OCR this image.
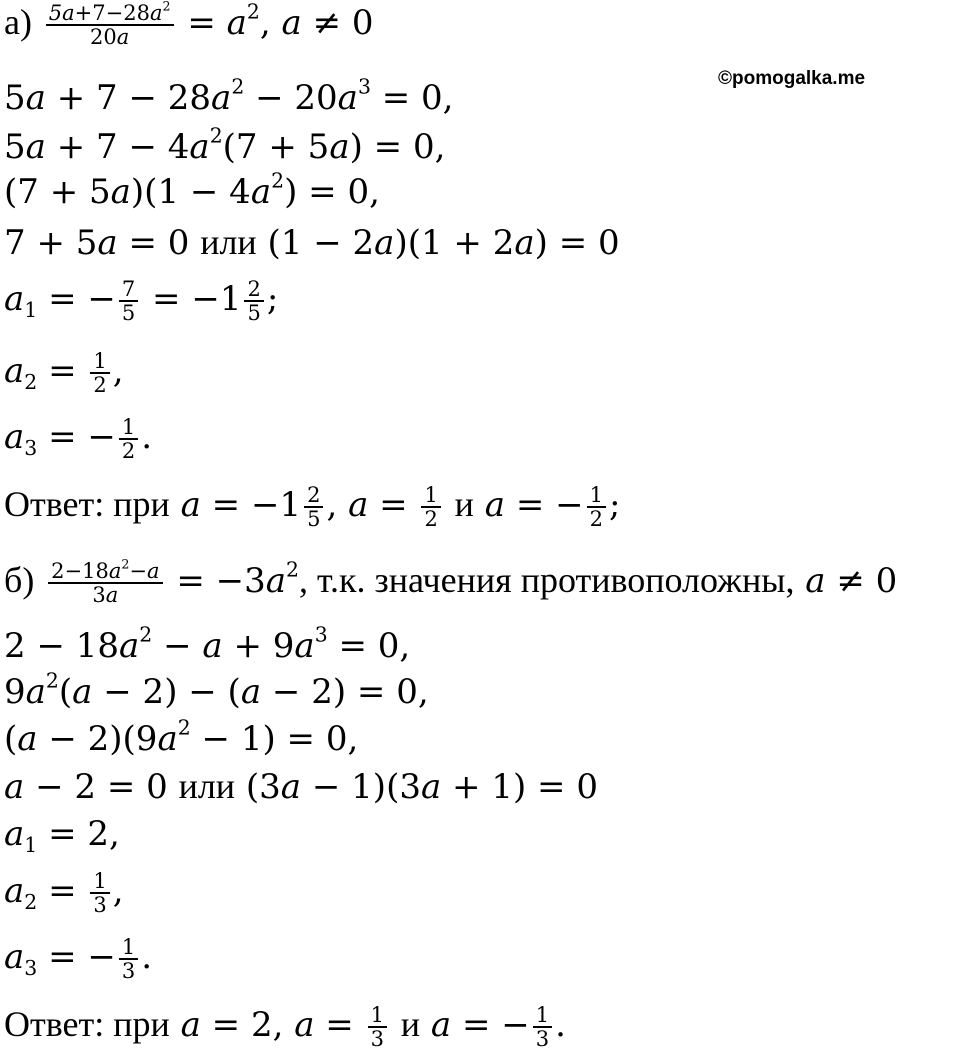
©pomogalka.me
$а) \frac{5a+7-28a^2}{20a} = a^2$, a ≠ 0
$5a + 7 - 28a^2 - 20a^3 = 0$,
$5a + 7 - 4a^2(7 + 5a) = 0$,
$(7 + 5a)(1 - 4a^2) = 0$,
7 + 5a = 0 или (1 − 2a)(1 + 2a) = 0
$a_1$ = − $\frac{7}{5} = -1 \frac{2}{5}$ ;
$a_2 = \frac{1}{2}$ ,
$a_3$ = − $\frac{1}{2}$ .
Ответ: при $a = -1 \frac{2}{5}$ , $a = \frac{1}{2}$ и a = − $\frac{1}{2}$ ;
$б) \frac{2-18a^2-a}{3a} = -3a^2$, т.к. значения противоположны, a ≠ 0
$2 - 18a^2 - a + 9a^3 = 0$,
$9a^2(a - 2) - (a - 2) = 0$,
$(a - 2)(9a^2 - 1) = 0$,
a − 2 = 0 или (3a − 1)(3a + 1) = 0
$a_1 = 2$,
$a_2 = \frac{1}{3}$ ,
$a_3$ = − $\frac{1}{3}$ .
Ответ: при a = 2, $a = \frac{1}{3}$ и a = − $\frac{1}{3}$ .
